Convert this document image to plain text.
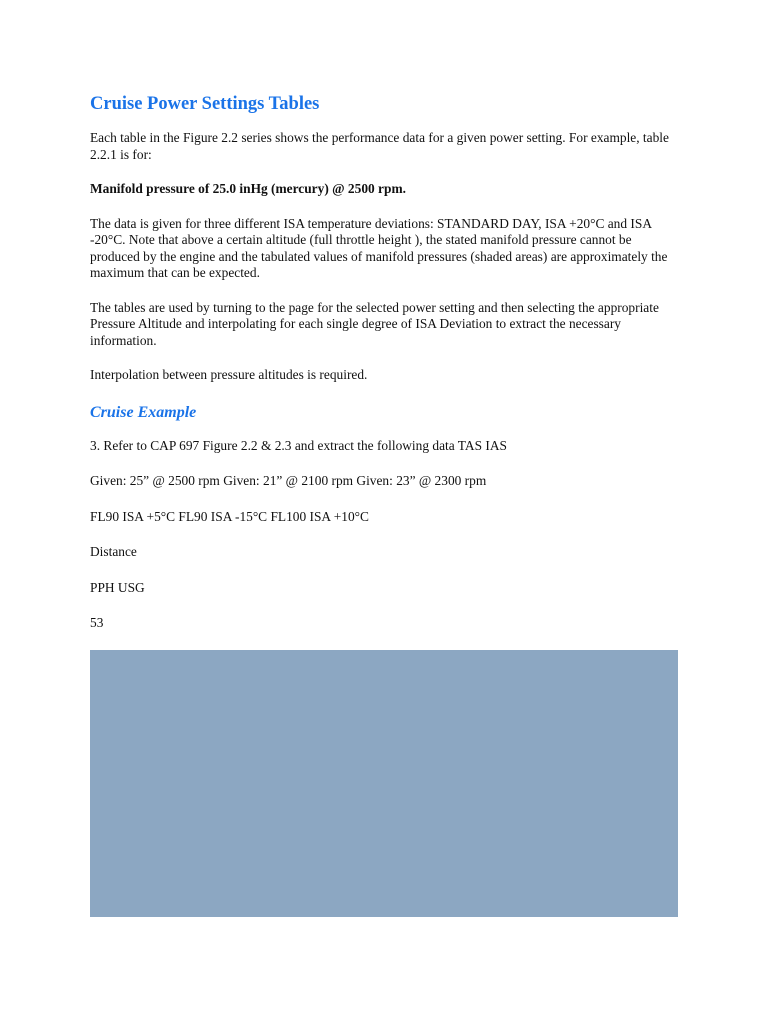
Cruise Power Settings Tables

Each table in the Figure 2.2 series shows the performance data for a given power setting. For example, table 2.2.1 is for:

Manifold pressure of 25.0 inHg (mercury) @ 2500 rpm.

The data is given for three different ISA temperature deviations: STANDARD DAY, ISA +20°C and ISA -20°C. Note that above a certain altitude (full throttle height ), the stated manifold pressure cannot be produced by the engine and the tabulated values of manifold pressures (shaded areas) are approximately the maximum that can be expected.

The tables are used by turning to the page for the selected power setting and then selecting the appropriate Pressure Altitude and interpolating for each single degree of ISA Deviation to extract the necessary information.

Interpolation between pressure altitudes is required.

Cruise Example

3. Refer to CAP 697 Figure 2.2 & 2.3 and extract the following data TAS IAS

Given: 25” @ 2500 rpm Given: 21” @ 2100 rpm Given: 23” @ 2300 rpm

FL90 ISA +5°C FL90 ISA -15°C FL100 ISA +10°C

Distance

PPH USG

53
